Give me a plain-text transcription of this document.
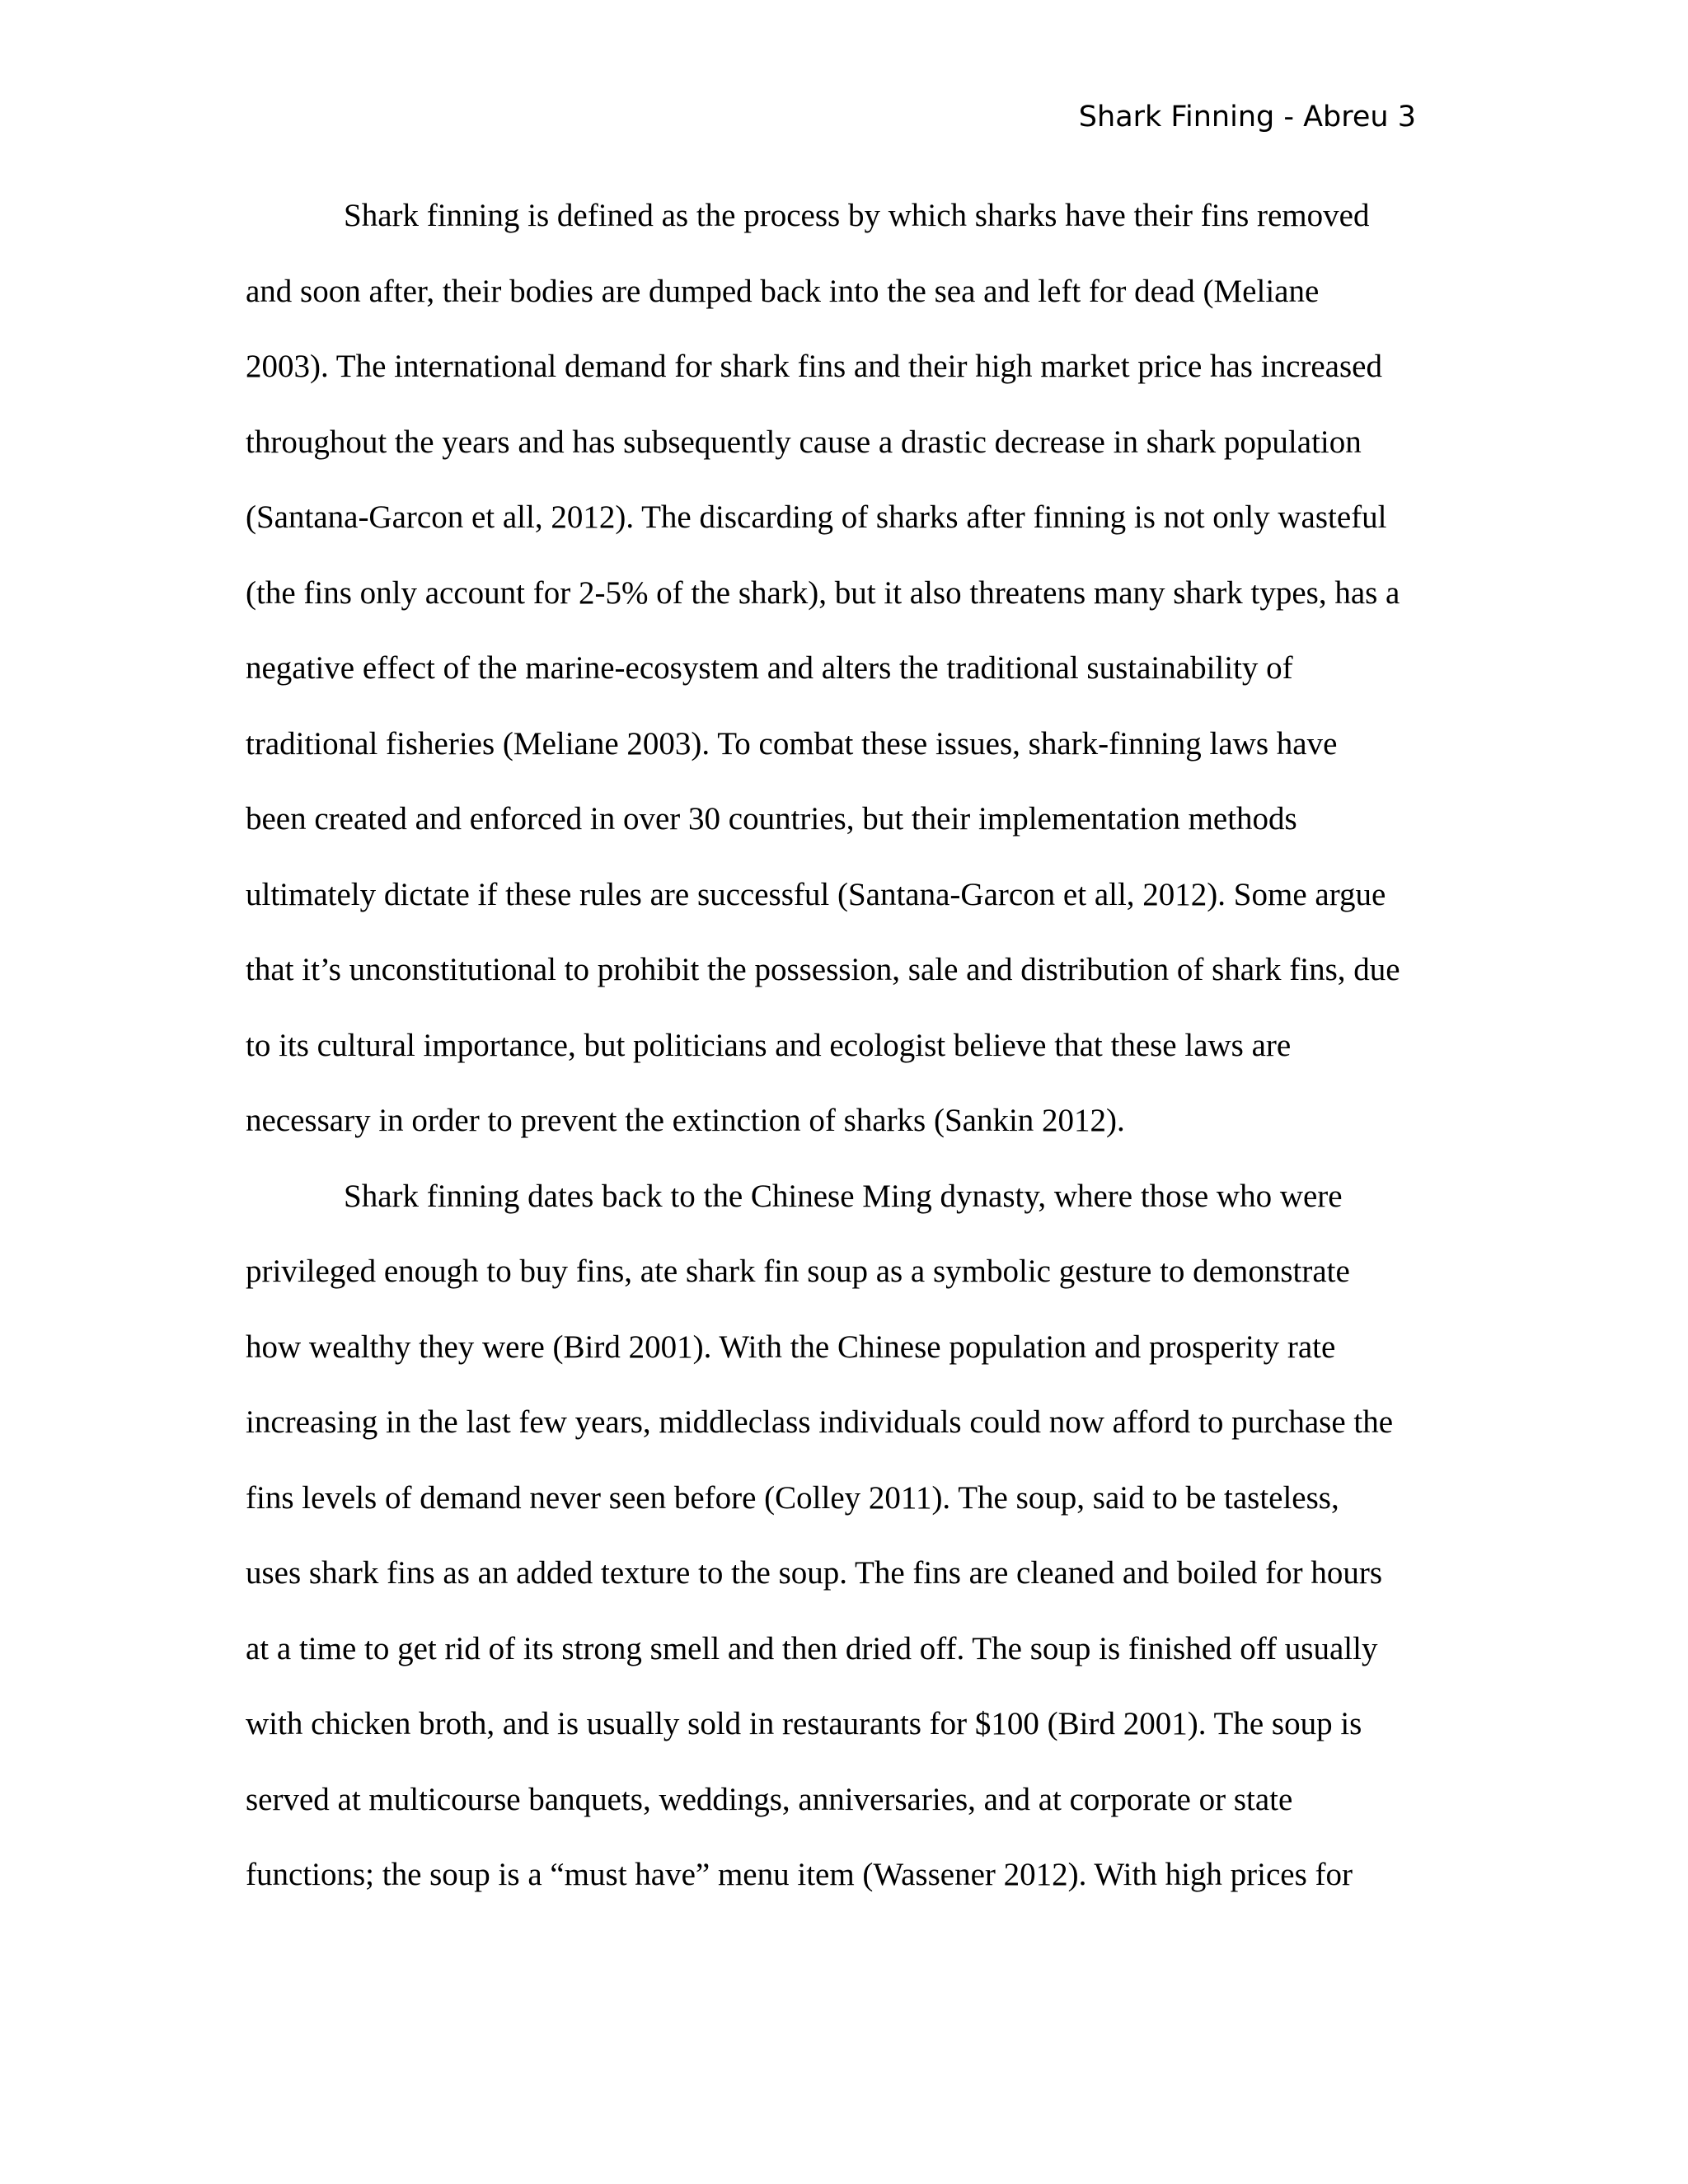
Shark Finning - Abreu 3
Shark finning is defined as the process by which sharks have their fins removed
and soon after, their bodies are dumped back into the sea and left for dead (Meliane
2003). The international demand for shark fins and their high market price has increased
throughout the years and has subsequently cause a drastic decrease in shark population
(Santana-Garcon et all, 2012). The discarding of sharks after finning is not only wasteful
(the fins only account for 2-5% of the shark), but it also threatens many shark types, has a
negative effect of the marine-ecosystem and alters the traditional sustainability of
traditional fisheries (Meliane 2003). To combat these issues, shark-finning laws have
been created and enforced in over 30 countries, but their implementation methods
ultimately dictate if these rules are successful (Santana-Garcon et all, 2012). Some argue
that it’s unconstitutional to prohibit the possession, sale and distribution of shark fins, due
to its cultural importance, but politicians and ecologist believe that these laws are
necessary in order to prevent the extinction of sharks (Sankin 2012).
Shark finning dates back to the Chinese Ming dynasty, where those who were
privileged enough to buy fins, ate shark fin soup as a symbolic gesture to demonstrate
how wealthy they were (Bird 2001). With the Chinese population and prosperity rate
increasing in the last few years, middleclass individuals could now afford to purchase the
fins levels of demand never seen before (Colley 2011). The soup, said to be tasteless,
uses shark fins as an added texture to the soup. The fins are cleaned and boiled for hours
at a time to get rid of its strong smell and then dried off. The soup is finished off usually
with chicken broth, and is usually sold in restaurants for $100 (Bird 2001). The soup is
served at multicourse banquets, weddings, anniversaries, and at corporate or state
functions; the soup is a “must have” menu item (Wassener 2012). With high prices for
